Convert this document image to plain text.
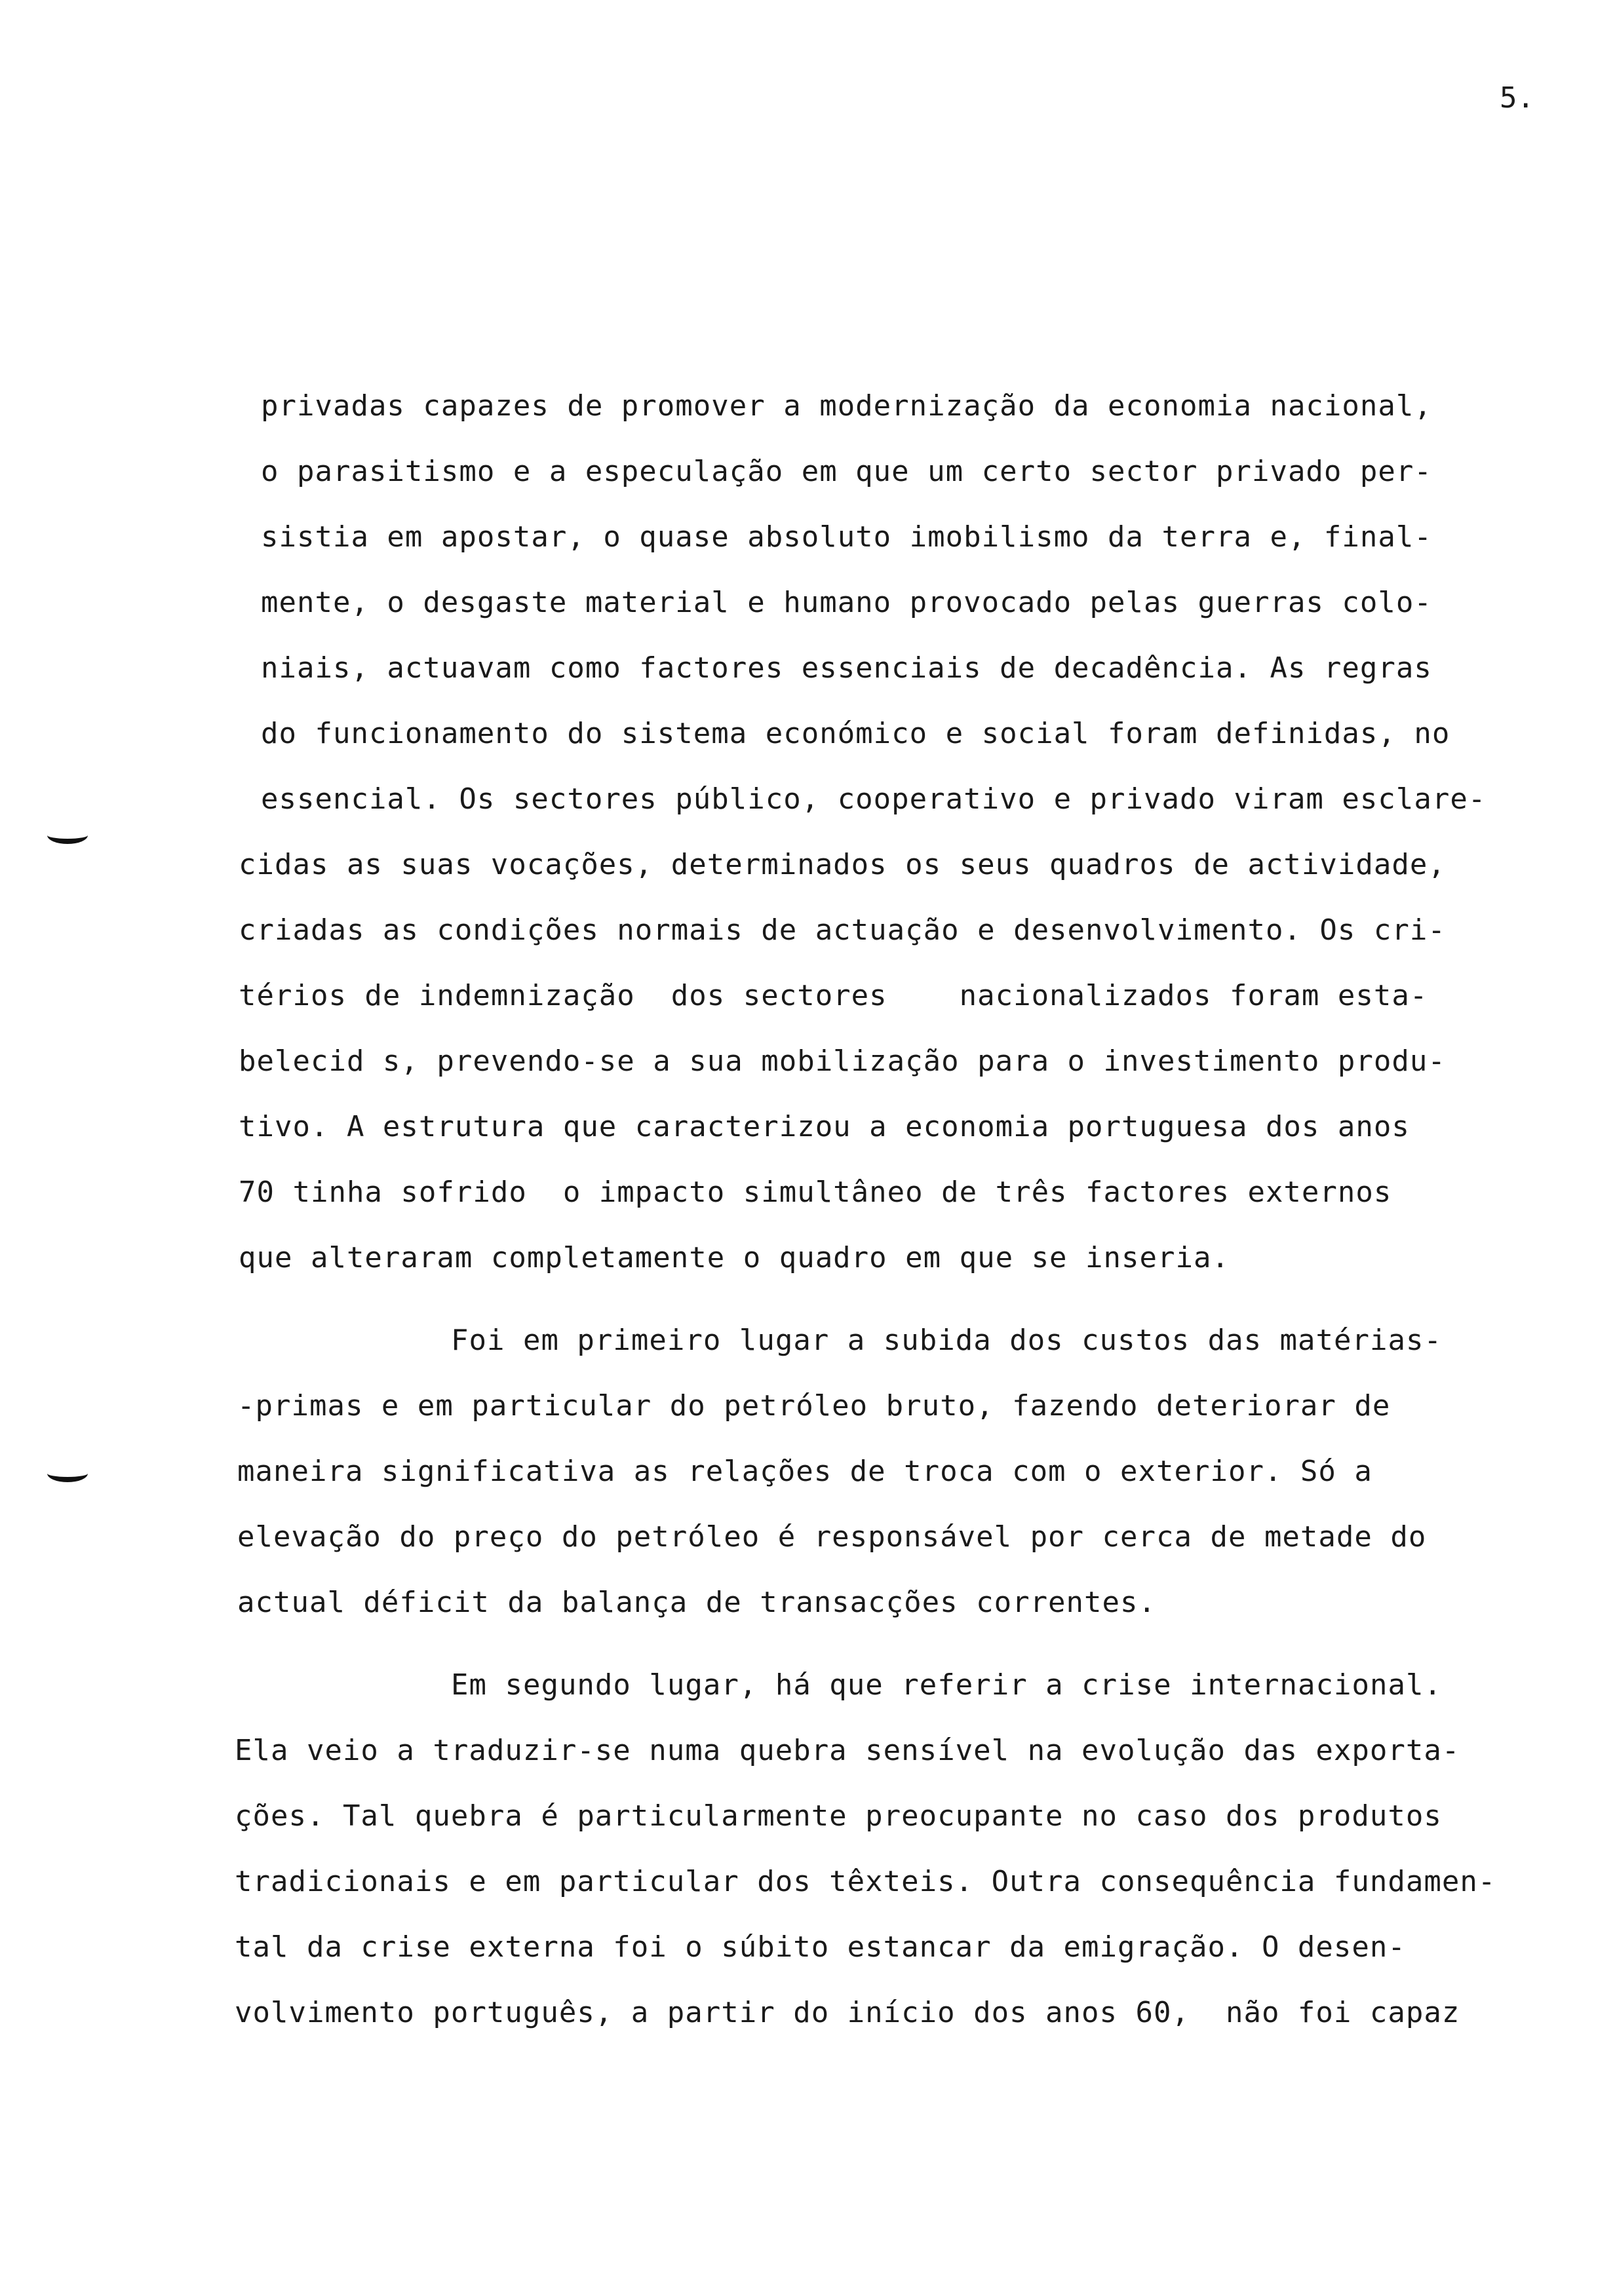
5.
privadas capazes de promover a modernização da economia nacional,
o parasitismo e a especulação em que um certo sector privado per-
sistia em apostar, o quase absoluto imobilismo da terra e, final-
mente, o desgaste material e humano provocado pelas guerras colo-
niais, actuavam como factores essenciais de decadência. As regras
do funcionamento do sistema económico e social foram definidas, no
essencial. Os sectores público, cooperativo e privado viram esclare-
cidas as suas vocações, determinados os seus quadros de actividade,
criadas as condições normais de actuação e desenvolvimento. Os cri-
térios de indemnização  dos sectores    nacionalizados foram esta-
belecid s, prevendo-se a sua mobilização para o investimento produ-
tivo. A estrutura que caracterizou a economia portuguesa dos anos
70 tinha sofrido  o impacto simultâneo de três factores externos
que alteraram completamente o quadro em que se inseria.
Foi em primeiro lugar a subida dos custos das matérias-
-primas e em particular do petróleo bruto, fazendo deteriorar de
maneira significativa as relações de troca com o exterior. Só a
elevação do preço do petróleo é responsável por cerca de metade do
actual déficit da balança de transacções correntes.
Em segundo lugar, há que referir a crise internacional.
Ela veio a traduzir-se numa quebra sensível na evolução das exporta-
ções. Tal quebra é particularmente preocupante no caso dos produtos
tradicionais e em particular dos têxteis. Outra consequência fundamen-
tal da crise externa foi o súbito estancar da emigração. O desen-
volvimento português, a partir do início dos anos 60,  não foi capaz
